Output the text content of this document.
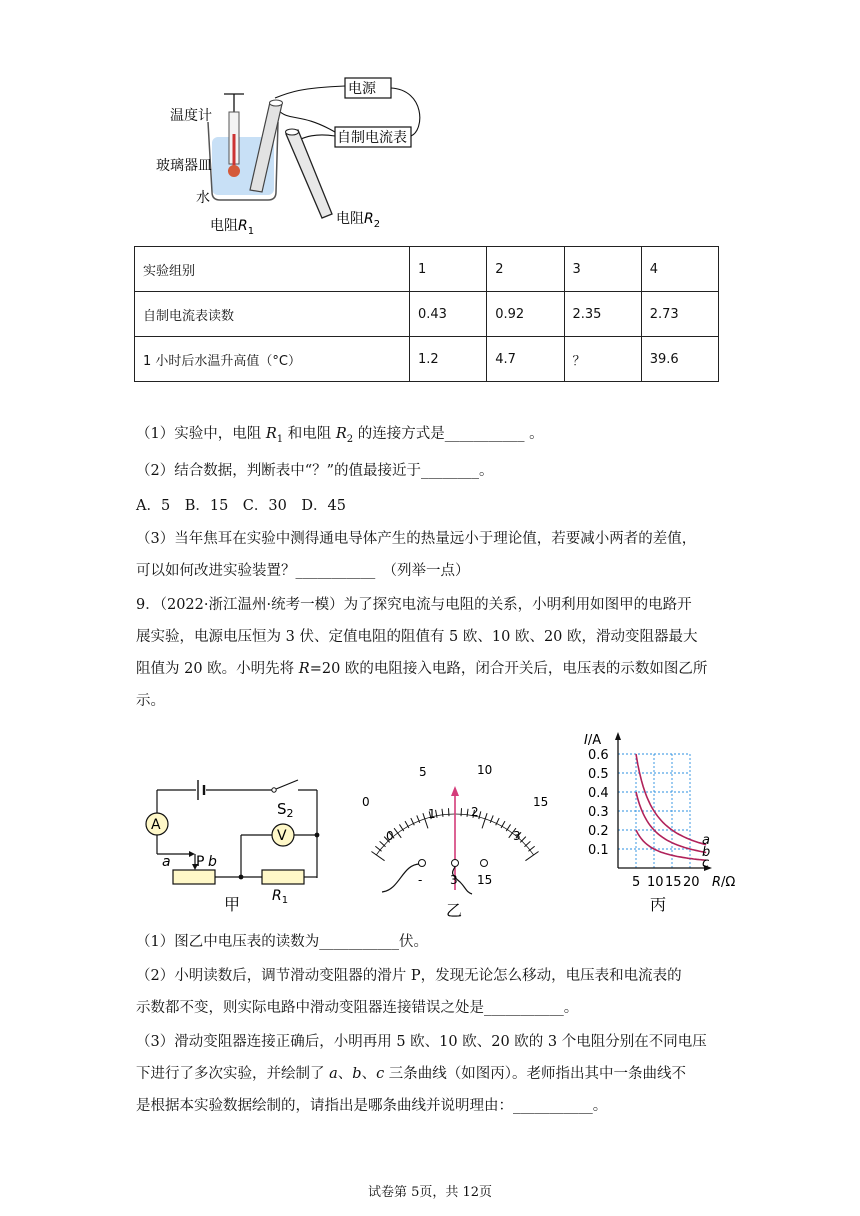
电源
自制电流表
温度计
玻璃器皿
水
电阻$R_1$
电阻$R_2$
实验组别	1	2	3	4
自制电流表读数	0.43	0.92	2.35	2.73
1 小时后水温升高值（°C）	1.2	4.7	？	39.6
（1）实验中，电阻 $R_1$ 和电阻 $R_2$ 的连接方式是___________ 。
（2）结合数据，判断表中“？”的值最接近于________。
A．5　B．15　C．30　D．45
（3）当年焦耳在实验中测得通电导体产生的热量远小于理论值，若要减小两者的差值，
可以如何改进实验装置？___________　（列举一点）
9．（2022·浙江温州·统考一模）为了探究电流与电阻的关系，小明利用如图甲的电路开
展实验，电源电压恒为 3 伏、定值电阻的阻值有 5 欧、10 欧、20 欧，滑动变阻器最大
阻值为 20 欧。小明先将 R=20 欧的电阻接入电路，闭合开关后，电压表的示数如图乙所
示。
A
V
$S_2$
a P b
$R_1$
甲
0
5	10
15
0
1	2
3
- 3 15
乙
I/A
R/Ω
0.1
0.2
0.3
0.4
0.5
0.6
5 10 15 20
a
b
c
丙
（1）图乙中电压表的读数为___________伏。
（2）小明读数后，调节滑动变阻器的滑片 P，发现无论怎么移动，电压表和电流表的
示数都不变，则实际电路中滑动变阻器连接错误之处是___________。
（3）滑动变阻器连接正确后，小明再用 5 欧、10 欧、20 欧的 3 个电阻分别在不同电压
下进行了多次实验，并绘制了 a、b、c 三条曲线（如图丙）。老师指出其中一条曲线不
是根据本实验数据绘制的，请指出是哪条曲线并说明理由：___________。
试卷第 5页，共 12页
